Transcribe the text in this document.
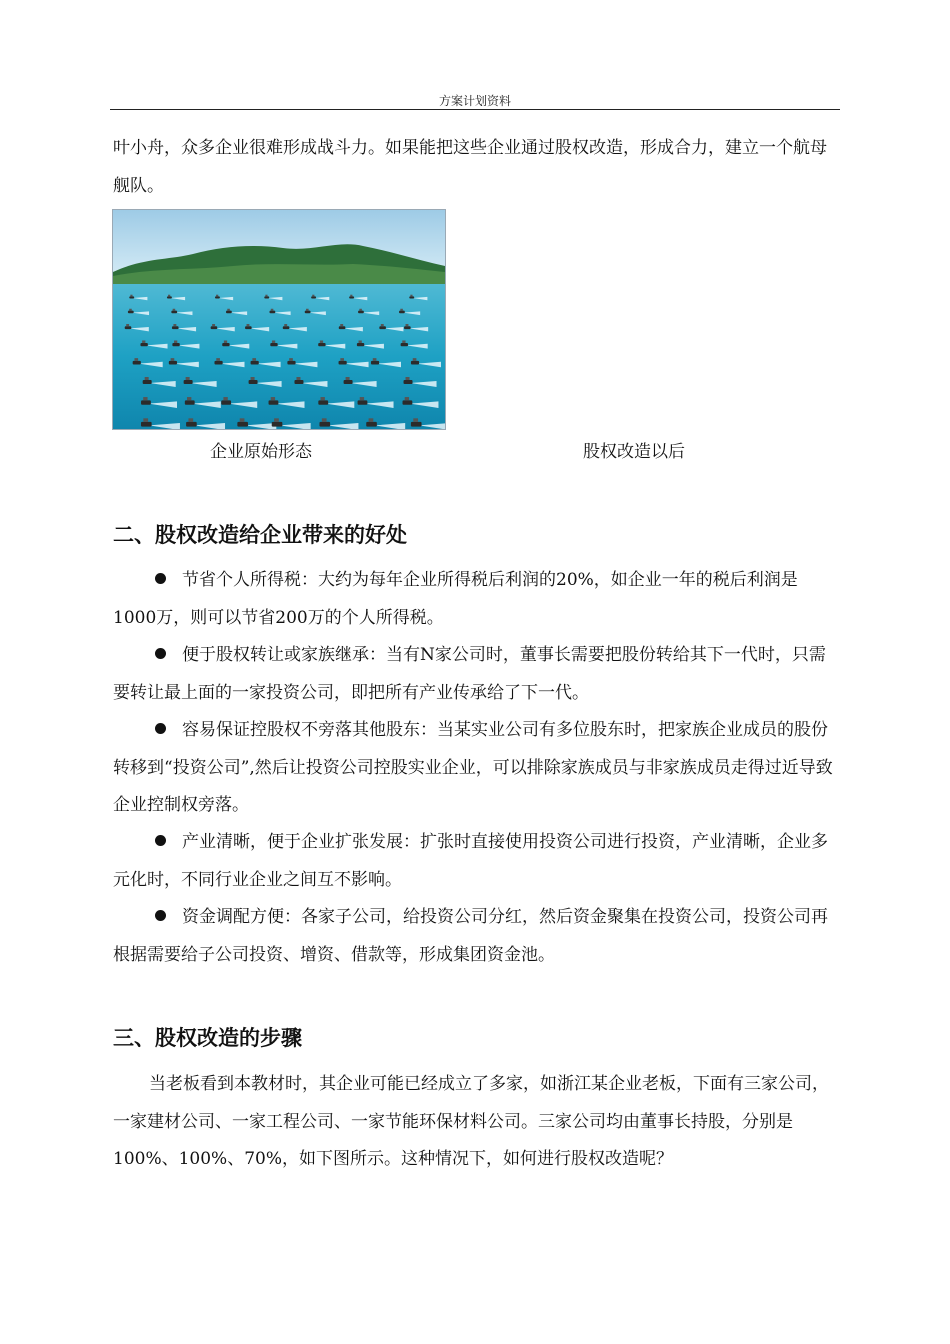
方案计划资料

叶小舟，众多企业很难形成战斗力。如果能把这些企业通过股权改造，形成合力，建立一个航母舰队。

企业原始形态	股权改造以后
二、股权改造给企业带来的好处

节省个人所得税：大约为每年企业所得税后利润的20%，如企业一年的税后利润是1000万，则可以节省200万的个人所得税。

便于股权转让或家族继承：当有N家公司时，董事长需要把股份转给其下一代时，只需要转让最上面的一家投资公司，即把所有产业传承给了下一代。

容易保证控股权不旁落其他股东：当某实业公司有多位股东时，把家族企业成员的股份转移到“投资公司”,然后让投资公司控股实业企业，可以排除家族成员与非家族成员走得过近导致企业控制权旁落。

产业清晰，便于企业扩张发展：扩张时直接使用投资公司进行投资，产业清晰，企业多元化时，不同行业企业之间互不影响。

资金调配方便：各家子公司，给投资公司分红，然后资金聚集在投资公司，投资公司再根据需要给子公司投资、增资、借款等，形成集团资金池。

三、股权改造的步骤

当老板看到本教材时，其企业可能已经成立了多家，如浙江某企业老板，下面有三家公司，一家建材公司、一家工程公司、一家节能环保材料公司。三家公司均由董事长持股，分别是100%、100%、70%，如下图所示。这种情况下，如何进行股权改造呢？
